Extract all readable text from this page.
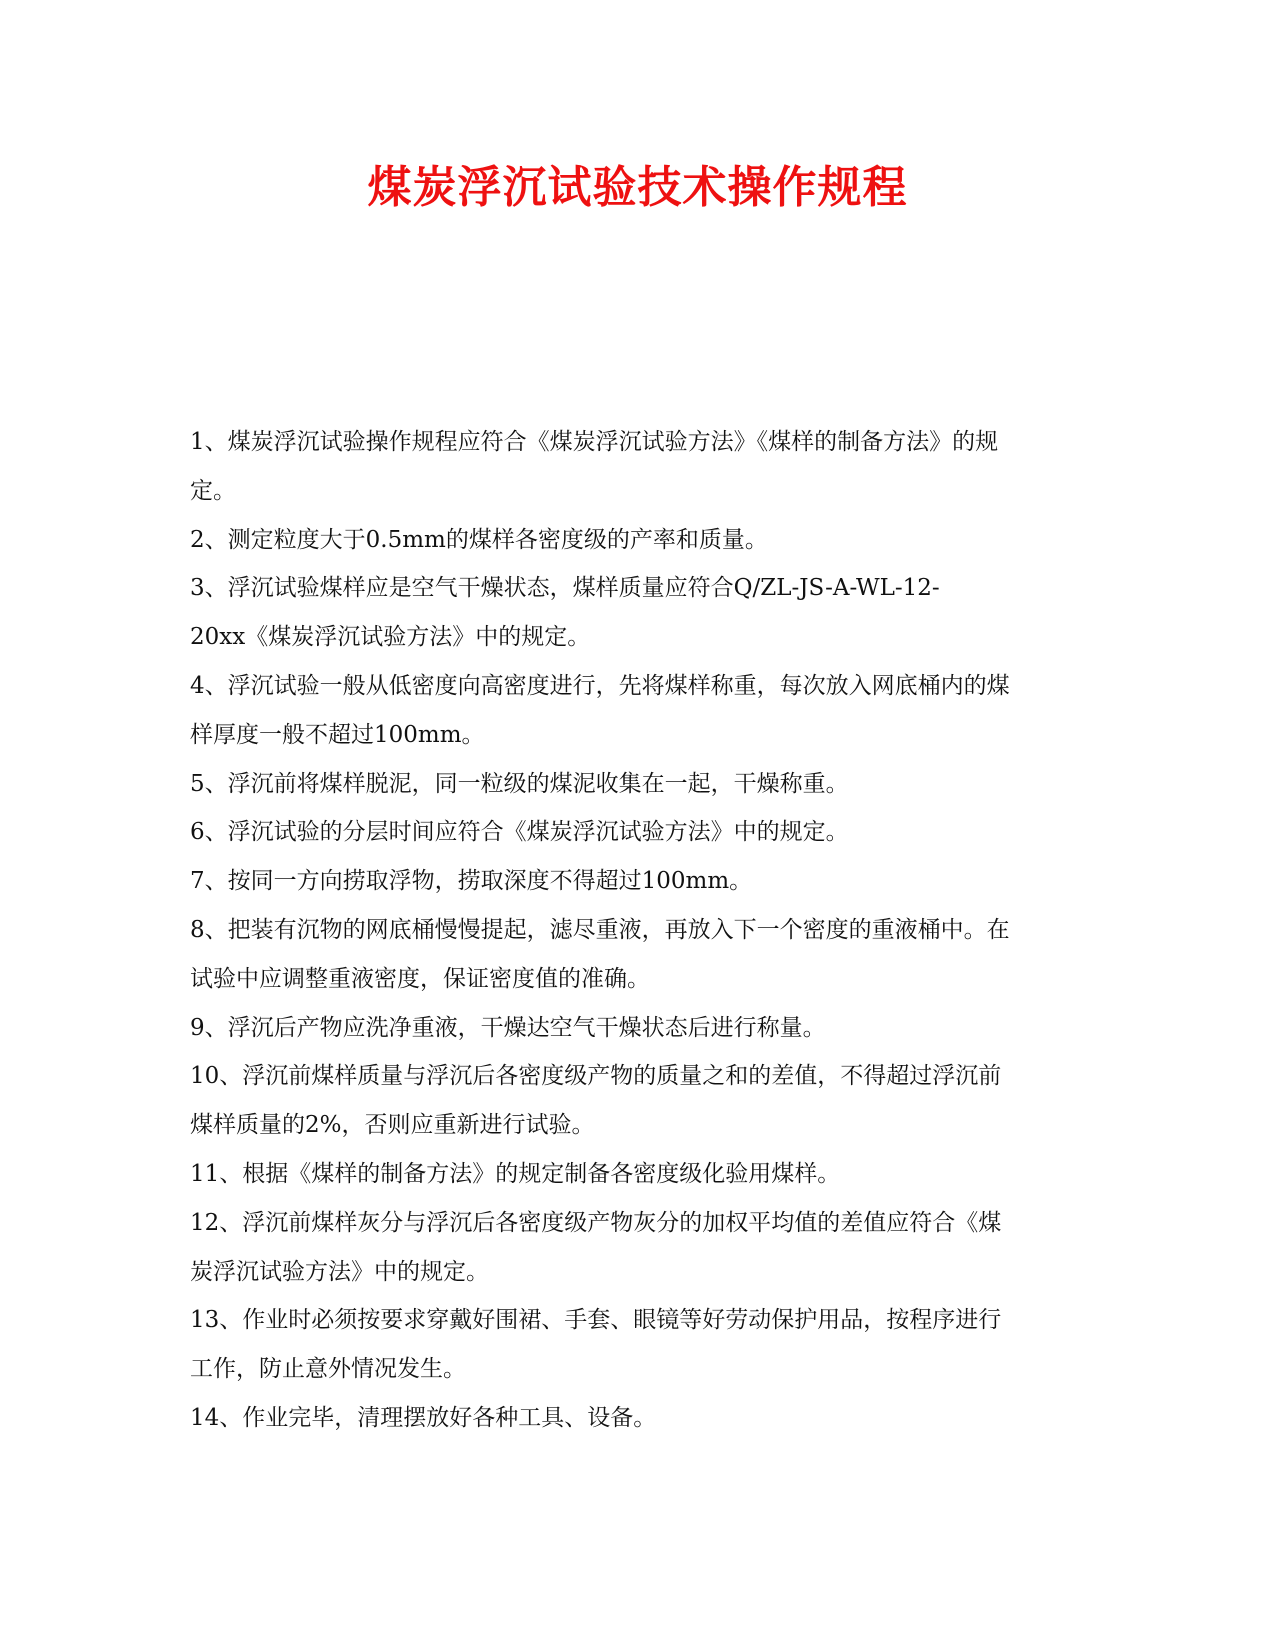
煤炭浮沉试验技术操作规程

1、煤炭浮沉试验操作规程应符合《煤炭浮沉试验方法》《煤样的制备方法》的规
定。

2、测定粒度大于0.5mm的煤样各密度级的产率和质量。

3、浮沉试验煤样应是空气干燥状态，煤样质量应符合Q/ZL-JS-A-WL-12-
20xx《煤炭浮沉试验方法》中的规定。

4、浮沉试验一般从低密度向高密度进行，先将煤样称重，每次放入网底桶内的煤
样厚度一般不超过100mm。

5、浮沉前将煤样脱泥，同一粒级的煤泥收集在一起，干燥称重。

6、浮沉试验的分层时间应符合《煤炭浮沉试验方法》中的规定。

7、按同一方向捞取浮物，捞取深度不得超过100mm。

8、把装有沉物的网底桶慢慢提起，滤尽重液，再放入下一个密度的重液桶中。在
试验中应调整重液密度，保证密度值的准确。

9、浮沉后产物应洗净重液，干燥达空气干燥状态后进行称量。

10、浮沉前煤样质量与浮沉后各密度级产物的质量之和的差值，不得超过浮沉前
煤样质量的2%，否则应重新进行试验。

11、根据《煤样的制备方法》的规定制备各密度级化验用煤样。

12、浮沉前煤样灰分与浮沉后各密度级产物灰分的加权平均值的差值应符合《煤
炭浮沉试验方法》中的规定。

13、作业时必须按要求穿戴好围裙、手套、眼镜等好劳动保护用品，按程序进行
工作，防止意外情况发生。

14、作业完毕，清理摆放好各种工具、设备。
